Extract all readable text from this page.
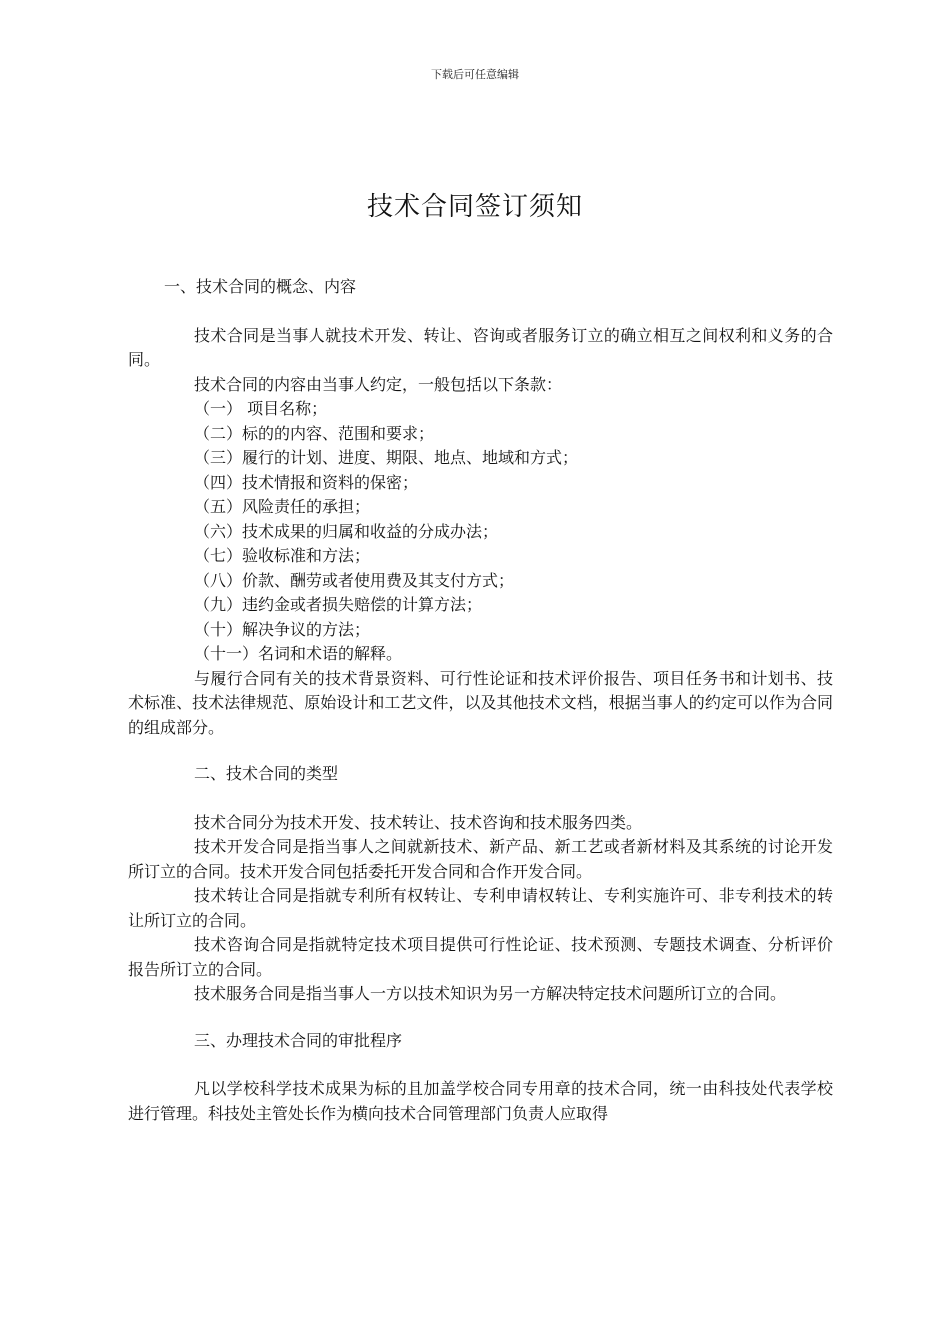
下载后可任意编辑
技术合同签订须知

一、技术合同的概念、内容

技术合同是当事人就技术开发、转让、咨询或者服务订立的确立相互之间权利和义务的合同。

技术合同的内容由当事人约定，一般包括以下条款：

（一） 项目名称；

（二）标的的内容、范围和要求；

（三）履行的计划、进度、期限、地点、地域和方式；

（四）技术情报和资料的保密；

（五）风险责任的承担；

（六）技术成果的归属和收益的分成办法；

（七）验收标准和方法；

（八）价款、酬劳或者使用费及其支付方式；

（九）违约金或者损失赔偿的计算方法；

（十）解决争议的方法；

（十一）名词和术语的解释。

与履行合同有关的技术背景资料、可行性论证和技术评价报告、项目任务书和计划书、技术标准、技术法律规范、原始设计和工艺文件，以及其他技术文档，根据当事人的约定可以作为合同的组成部分。

二、技术合同的类型

技术合同分为技术开发、技术转让、技术咨询和技术服务四类。

技术开发合同是指当事人之间就新技术、新产品、新工艺或者新材料及其系统的讨论开发所订立的合同。技术开发合同包括委托开发合同和合作开发合同。

技术转让合同是指就专利所有权转让、专利申请权转让、专利实施许可、非专利技术的转让所订立的合同。

技术咨询合同是指就特定技术项目提供可行性论证、技术预测、专题技术调查、分析评价报告所订立的合同。

技术服务合同是指当事人一方以技术知识为另一方解决特定技术问题所订立的合同。

三、办理技术合同的审批程序

凡以学校科学技术成果为标的且加盖学校合同专用章的技术合同，统一由科技处代表学校进行管理。科技处主管处长作为横向技术合同管理部门负责人应取得
